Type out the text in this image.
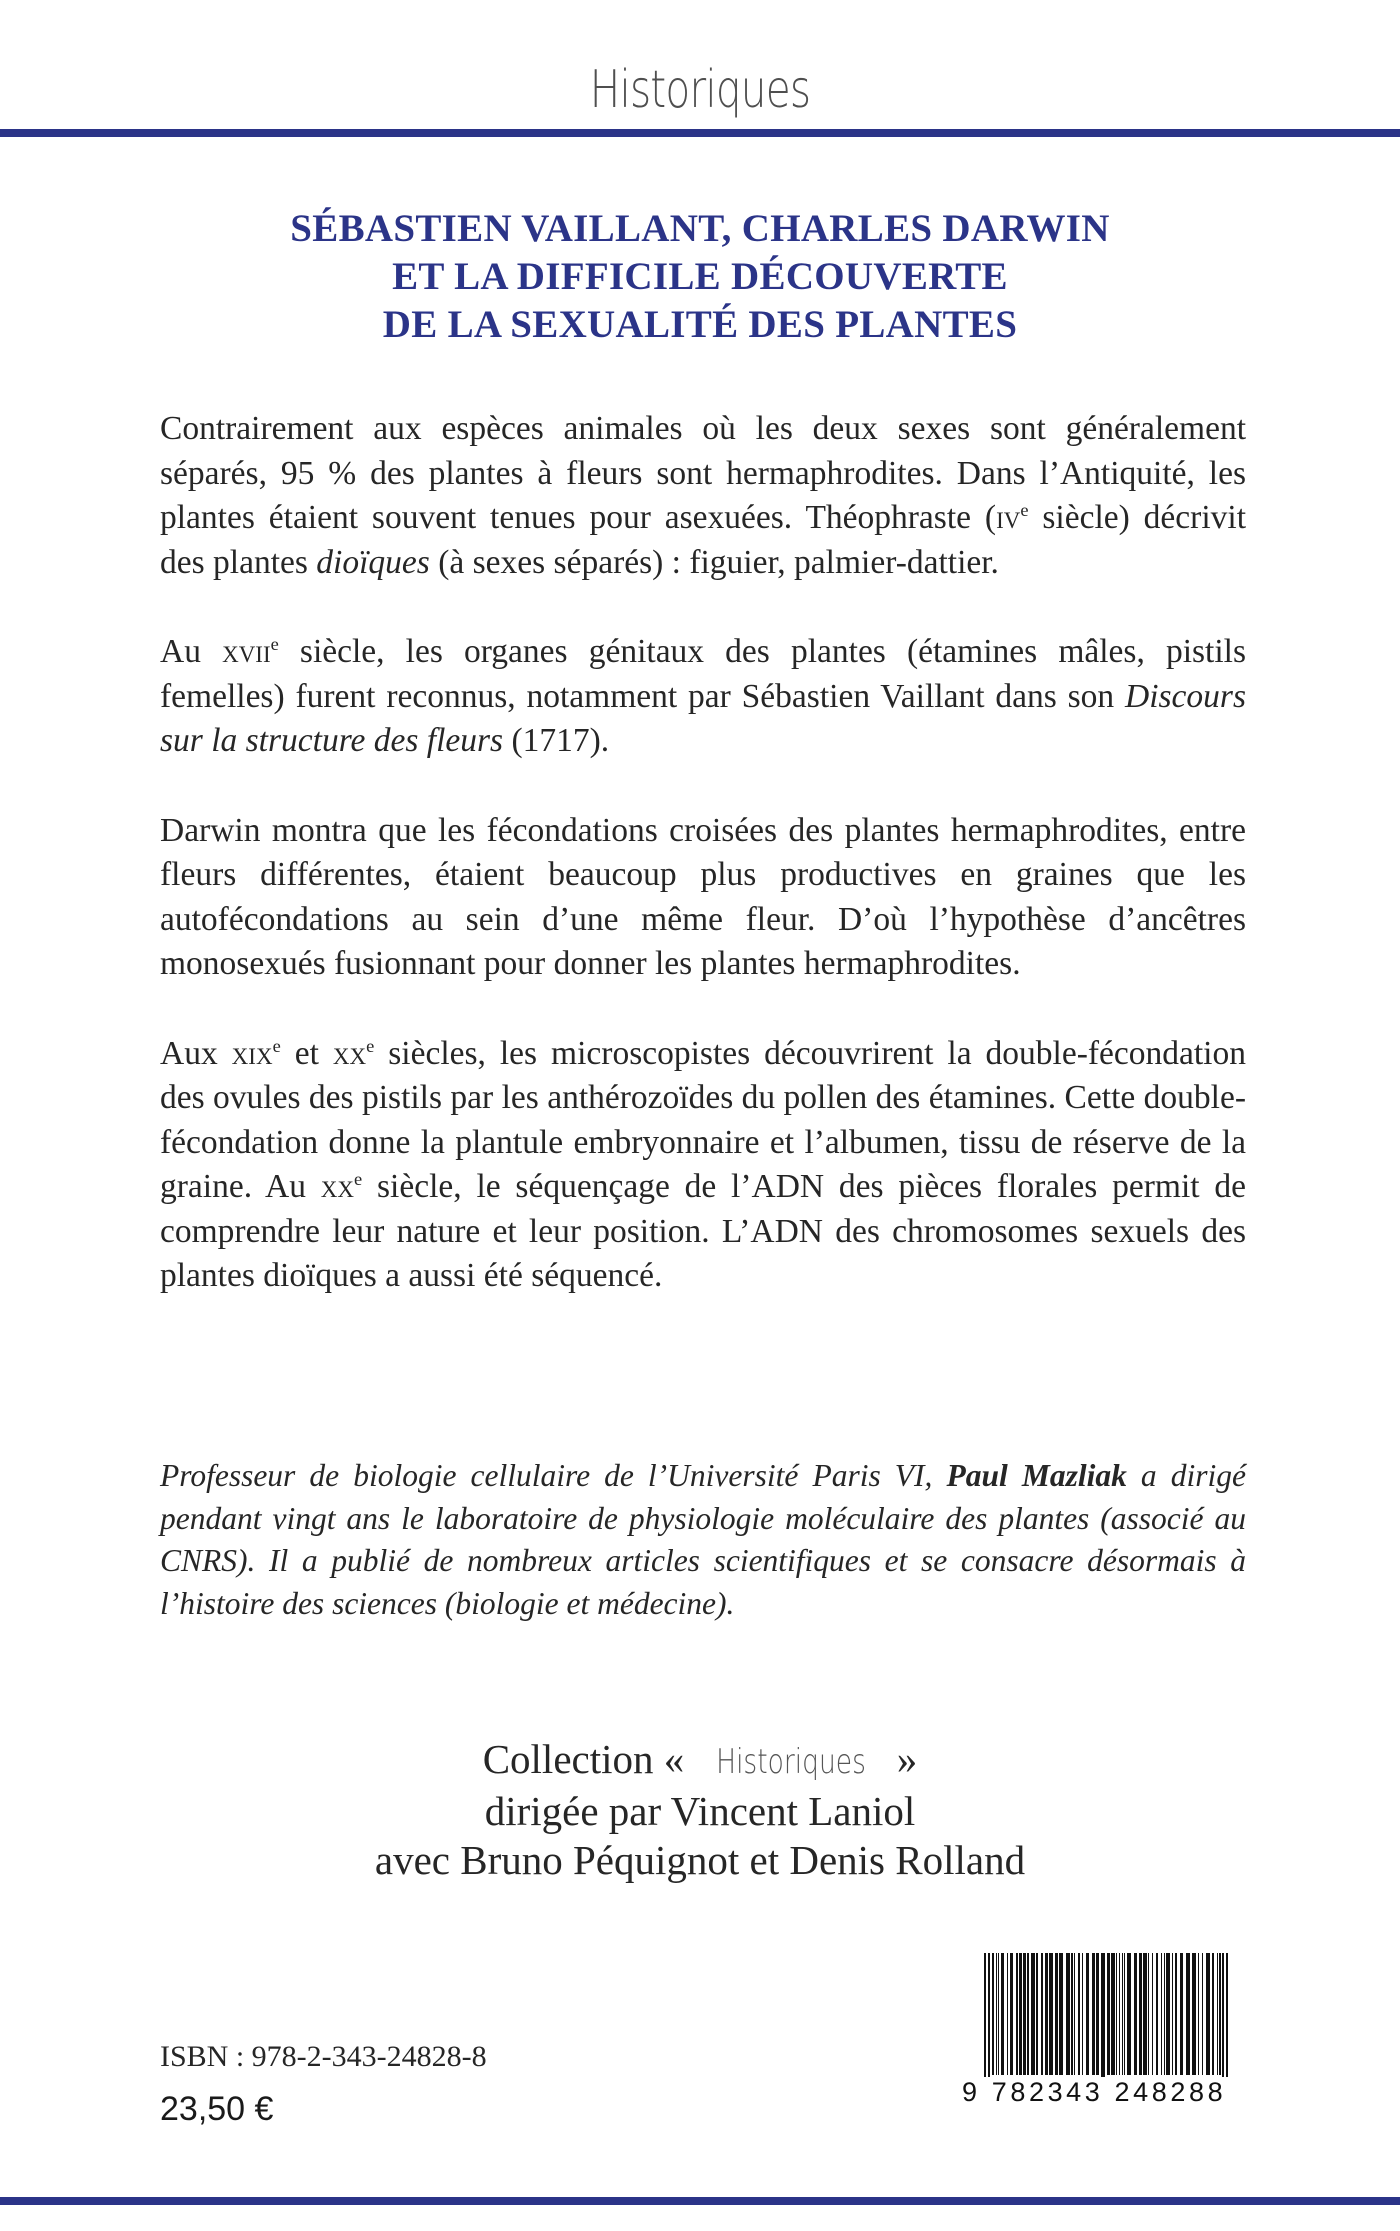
Historiques
SÉBASTIEN VAILLANT, CHARLES DARWIN
ET LA DIFFICILE DÉCOUVERTE
DE LA SEXUALITÉ DES PLANTES

Contrairement aux espèces animales où les deux sexes sont généralement séparés, 95 % des plantes à fleurs sont hermaphrodites. Dans l’Antiquité, les plantes étaient souvent tenues pour asexuées. Théophraste ($iv^e$ siècle) décrivit des plantes dioïques (à sexes séparés) : figuier, palmier-dattier.

Au xvii$^e$ siècle, les organes génitaux des plantes (étamines mâles, pistils femelles) furent reconnus, notamment par Sébastien Vaillant dans son Discours sur la structure des fleurs (1717).

Darwin montra que les fécondations croisées des plantes hermaphrodites, entre fleurs différentes, étaient beaucoup plus productives en graines que les autofécondations au sein d’une même fleur. D’où l’hypothèse d’ancêtres monosexués fusionnant pour donner les plantes hermaphrodites.

Aux xix$^e$ et $xx^e$ siècles, les microscopistes découvrirent la double-fécondation des ovules des pistils par les anthérozoïdes du pollen des étamines. Cette double-fécondation donne la plantule embryonnaire et l’albumen, tissu de réserve de la graine. Au $xx^e$ siècle, le séquençage de l’ADN des pièces florales permit de comprendre leur nature et leur position. L’ADN des chromosomes sexuels des plantes dioïques a aussi été séquencé.

Professeur de biologie cellulaire de l’Université Paris VI, Paul Mazliak a dirigé pendant vingt ans le laboratoire de physiologie moléculaire des plantes (associé au CNRS). Il a publié de nombreux articles scientifiques et se consacre désormais à l’histoire des sciences (biologie et médecine).
Collection « Historiques »
dirigée par Vincent Laniol
avec Bruno Péquignot et Denis Rolland
ISBN : 978-2-343-24828-8
23,50 €	9 782343 248288
